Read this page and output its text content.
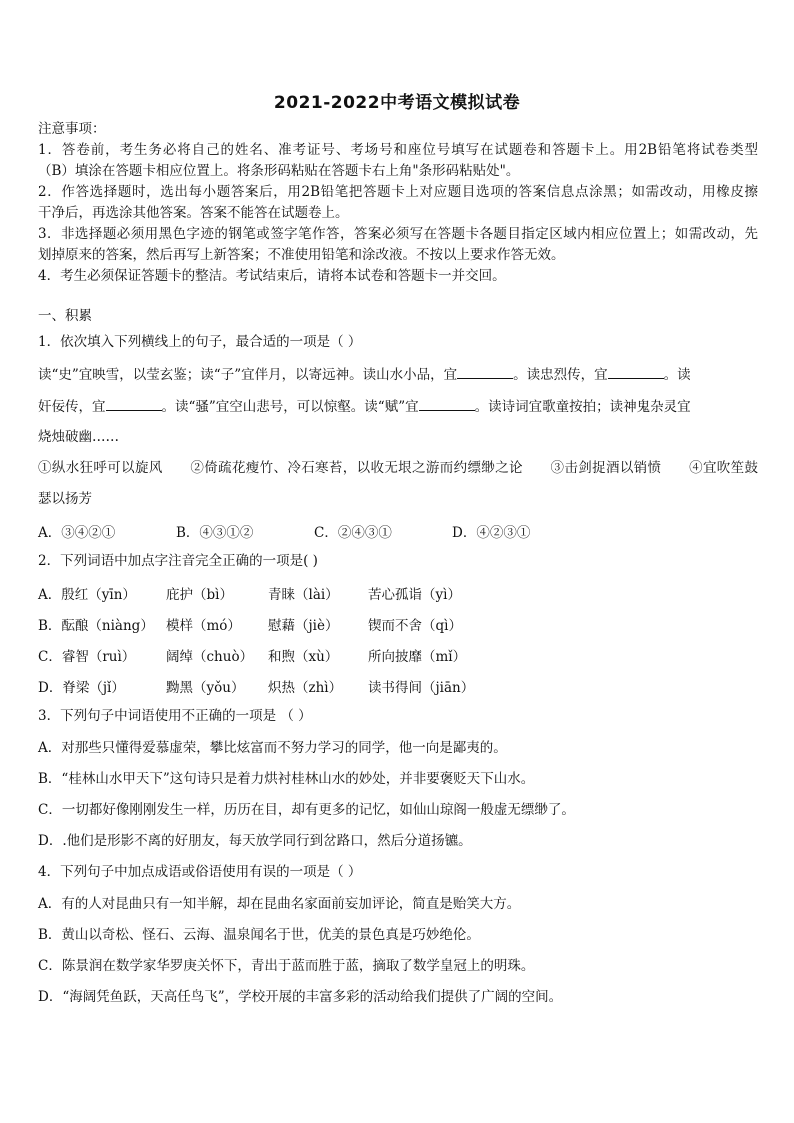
2021-2022中考语文模拟试卷
注意事项：
1．答卷前，考生务必将自己的姓名、准考证号、考场号和座位号填写在试题卷和答题卡上。用2B铅笔将试卷类型
（B）填涂在答题卡相应位置上。将条形码粘贴在答题卡右上角"条形码粘贴处"。
2．作答选择题时，选出每小题答案后，用2B铅笔把答题卡上对应题目选项的答案信息点涂黑；如需改动，用橡皮擦
干净后，再选涂其他答案。答案不能答在试题卷上。
3．非选择题必须用黑色字迹的钢笔或签字笔作答，答案必须写在答题卡各题目指定区域内相应位置上；如需改动，先
划掉原来的答案，然后再写上新答案；不准使用铅笔和涂改液。不按以上要求作答无效。
4．考生必须保证答题卡的整洁。考试结束后，请将本试卷和答题卡一并交回。
一、积累
1．依次填入下列横线上的句子，最合适的一项是（ ）
读“史”宜映雪，以莹玄鉴；读“子”宜伴月，以寄远神。读山水小品，宜	。读忠烈传，宜	。读
奸佞传，宜	。读“骚”宜空山悲号，可以惊壑。读“赋”宜	。读诗词宜歌童按拍；读神鬼杂灵宜
烧烛破幽……
①纵水狂呼可以旋风　　②倚疏花瘦竹、冷石寒苔，以收无垠之游而约缥缈之论　　③击剑捉酒以销愤　　④宜吹笙鼓
瑟以扬芳
A．③④②①	B．④③①②	C．②④③①	D．④②③①
2．下列词语中加点字注音完全正确的一项是( )
A．殷红（yīn） 庇护（bì）	青睐（lài） 苦心孤诣（yì）
B．酝酿（niàng） 模样（mó） 慰藉（jiè） 锲而不舍（qì）
C．睿智（ruì） 阔绰（chuò） 和煦（xù） 所向披靡（mǐ）
D．脊梁（jǐ）	黝黑（yǒu） 炽热（zhì） 读书得间（jiān）
3．下列句子中词语使用不正确的一项是 （ ）
A．对那些只懂得爱慕虚荣，攀比炫富而不努力学习的同学，他一向是鄙夷的。
B．“桂林山水甲天下”这句诗只是着力烘衬桂林山水的妙处，并非要褒贬天下山水。
C．一切都好像刚刚发生一样，历历在目，却有更多的记忆，如仙山琼阁一般虚无缥缈了。
D．.他们是形影不离的好朋友，每天放学同行到岔路口，然后分道扬镳。
4．下列句子中加点成语或俗语使用有误的一项是（ ）
A．有的人对昆曲只有一知半解，却在昆曲名家面前妄加评论，简直是贻笑大方。
B．黄山以奇松、怪石、云海、温泉闻名于世，优美的景色真是巧妙绝伦。
C．陈景润在数学家华罗庚关怀下，青出于蓝而胜于蓝，摘取了数学皇冠上的明珠。
D．“海阔凭鱼跃，天高任鸟飞”，学校开展的丰富多彩的活动给我们提供了广阔的空间。
